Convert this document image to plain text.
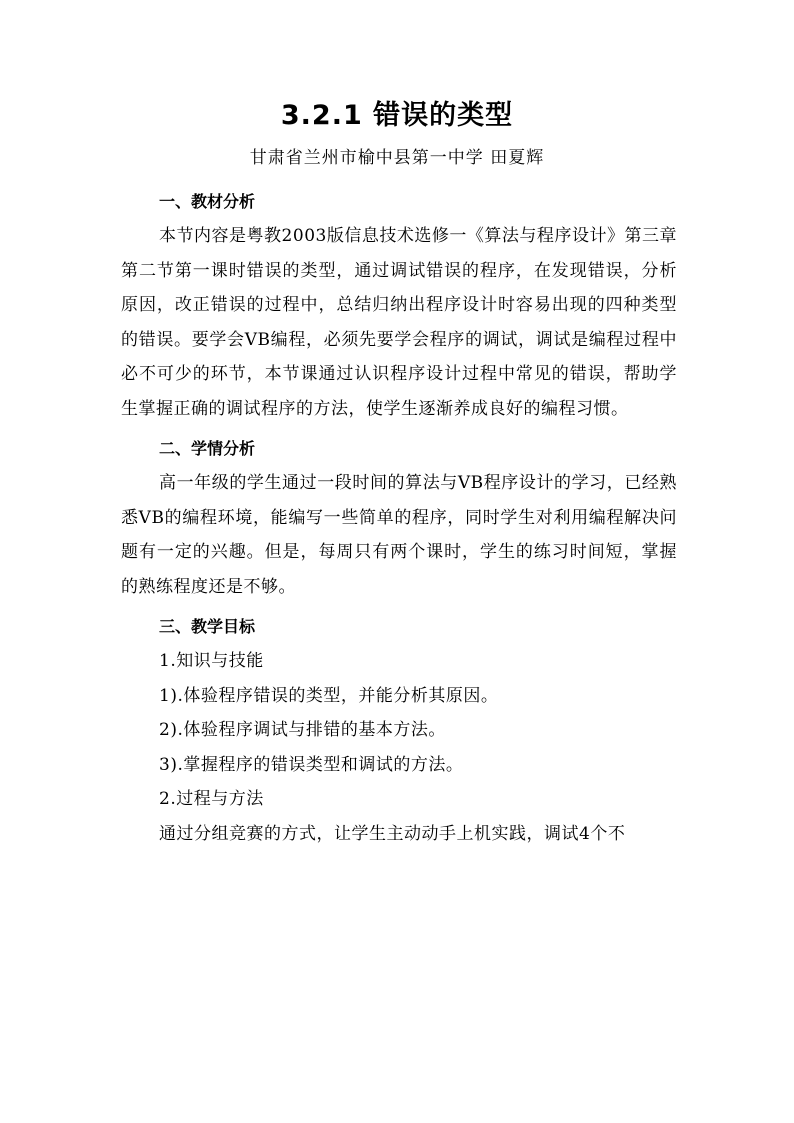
3.2.1 错误的类型
甘肃省兰州市榆中县第一中学 田夏辉

一、教材分析

本节内容是粤教2003版信息技术选修一《算法与程序设计》第三章第二节第一课时错误的类型，通过调试错误的程序，在发现错误，分析原因，改正错误的过程中，总结归纳出程序设计时容易出现的四种类型的错误。要学会VB编程，必须先要学会程序的调试，调试是编程过程中必不可少的环节，本节课通过认识程序设计过程中常见的错误，帮助学生掌握正确的调试程序的方法，使学生逐渐养成良好的编程习惯。

二、学情分析

高一年级的学生通过一段时间的算法与VB程序设计的学习，已经熟悉VB的编程环境，能编写一些简单的程序，同时学生对利用编程解决问题有一定的兴趣。但是，每周只有两个课时，学生的练习时间短，掌握的熟练程度还是不够。

三、教学目标

1.知识与技能

1).体验程序错误的类型，并能分析其原因。

2).体验程序调试与排错的基本方法。

3).掌握程序的错误类型和调试的方法。

2.过程与方法

通过分组竞赛的方式，让学生主动动手上机实践，调试4个不
